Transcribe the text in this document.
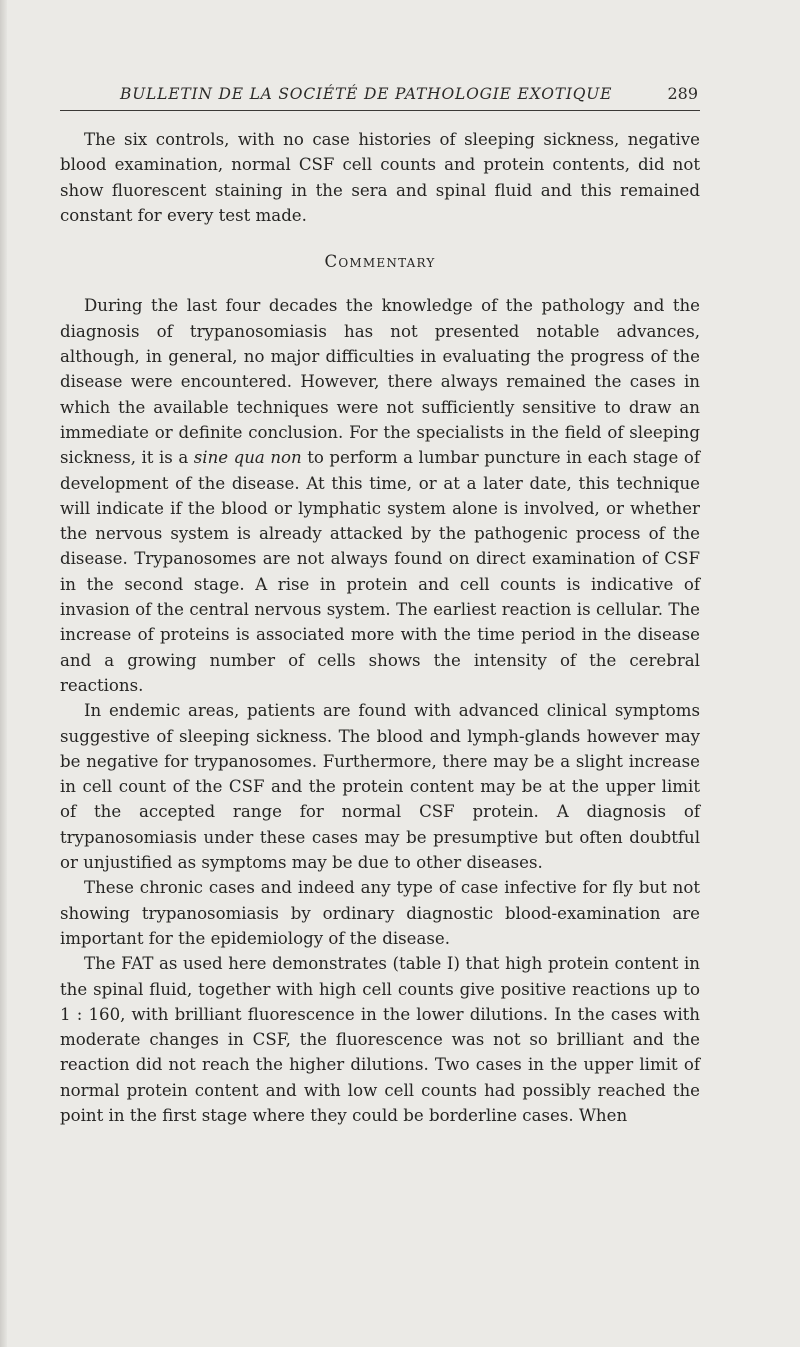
BULLETIN DE LA SOCIÉTÉ DE PATHOLOGIE EXOTIQUE	289

The six controls, with no case histories of sleeping sickness, negative blood examination, normal CSF cell counts and protein contents, did not show fluorescent staining in the sera and spinal fluid and this remained constant for every test made.

Commentary

During the last four decades the knowledge of the pathology and the diagnosis of trypanosomiasis has not presented notable advances, although, in general, no major difficulties in evaluating the progress of the disease were encountered. However, there always remained the cases in which the available techniques were not sufficiently sensitive to draw an immediate or definite conclusion. For the specialists in the field of sleeping sickness, it is a sine qua non to perform a lumbar puncture in each stage of development of the disease. At this time, or at a later date, this technique will indicate if the blood or lymphatic system alone is involved, or whether the nervous system is already attacked by the pathogenic process of the disease. Trypanosomes are not always found on direct examination of CSF in the second stage. A rise in protein and cell counts is indicative of invasion of the central nervous system. The earliest reaction is cellular. The increase of proteins is associated more with the time period in the disease and a growing number of cells shows the intensity of the cerebral reactions.

In endemic areas, patients are found with advanced clinical symptoms suggestive of sleeping sickness. The blood and lymph-glands however may be negative for trypanosomes. Furthermore, there may be a slight increase in cell count of the CSF and the protein content may be at the upper limit of the accepted range for normal CSF protein. A diagnosis of trypanosomiasis under these cases may be presumptive but often doubtful or unjustified as symptoms may be due to other diseases.

These chronic cases and indeed any type of case infective for fly but not showing trypanosomiasis by ordinary diagnostic blood-examination are important for the epidemiology of the disease.

The FAT as used here demonstrates (table I) that high protein content in the spinal fluid, together with high cell counts give positive reactions up to 1 : 160, with brilliant fluorescence in the lower dilutions. In the cases with moderate changes in CSF, the fluorescence was not so brilliant and the reaction did not reach the higher dilutions. Two cases in the upper limit of normal protein content and with low cell counts had possibly reached the point in the first stage where they could be borderline cases. When
